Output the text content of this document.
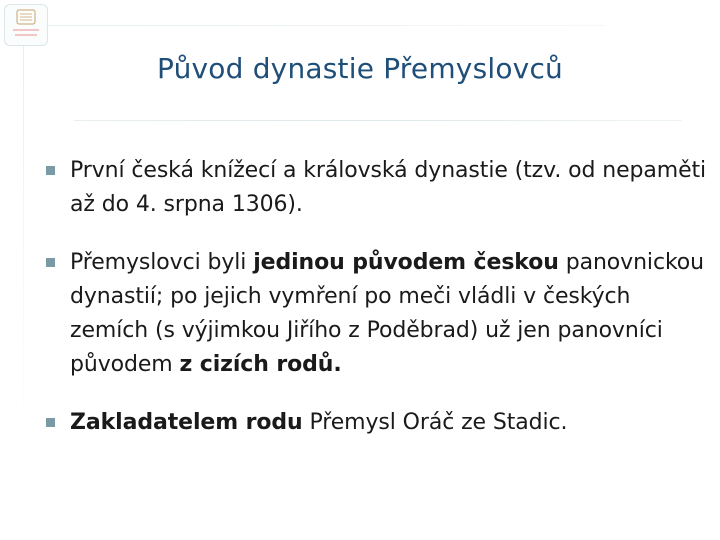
Původ dynastie Přemyslovců
První česká knížecí a královská dynastie (tzv. od nepaměti až do 4. srpna 1306).
Přemyslovci byli jedinou původem českou panovnickou dynastií; po jejich vymření po meči vládli v českých zemích (s výjimkou Jiřího z Poděbrad) už jen panovníci původem z cizích rodů.
Zakladatelem rodu Přemysl Oráč ze Stadic.
